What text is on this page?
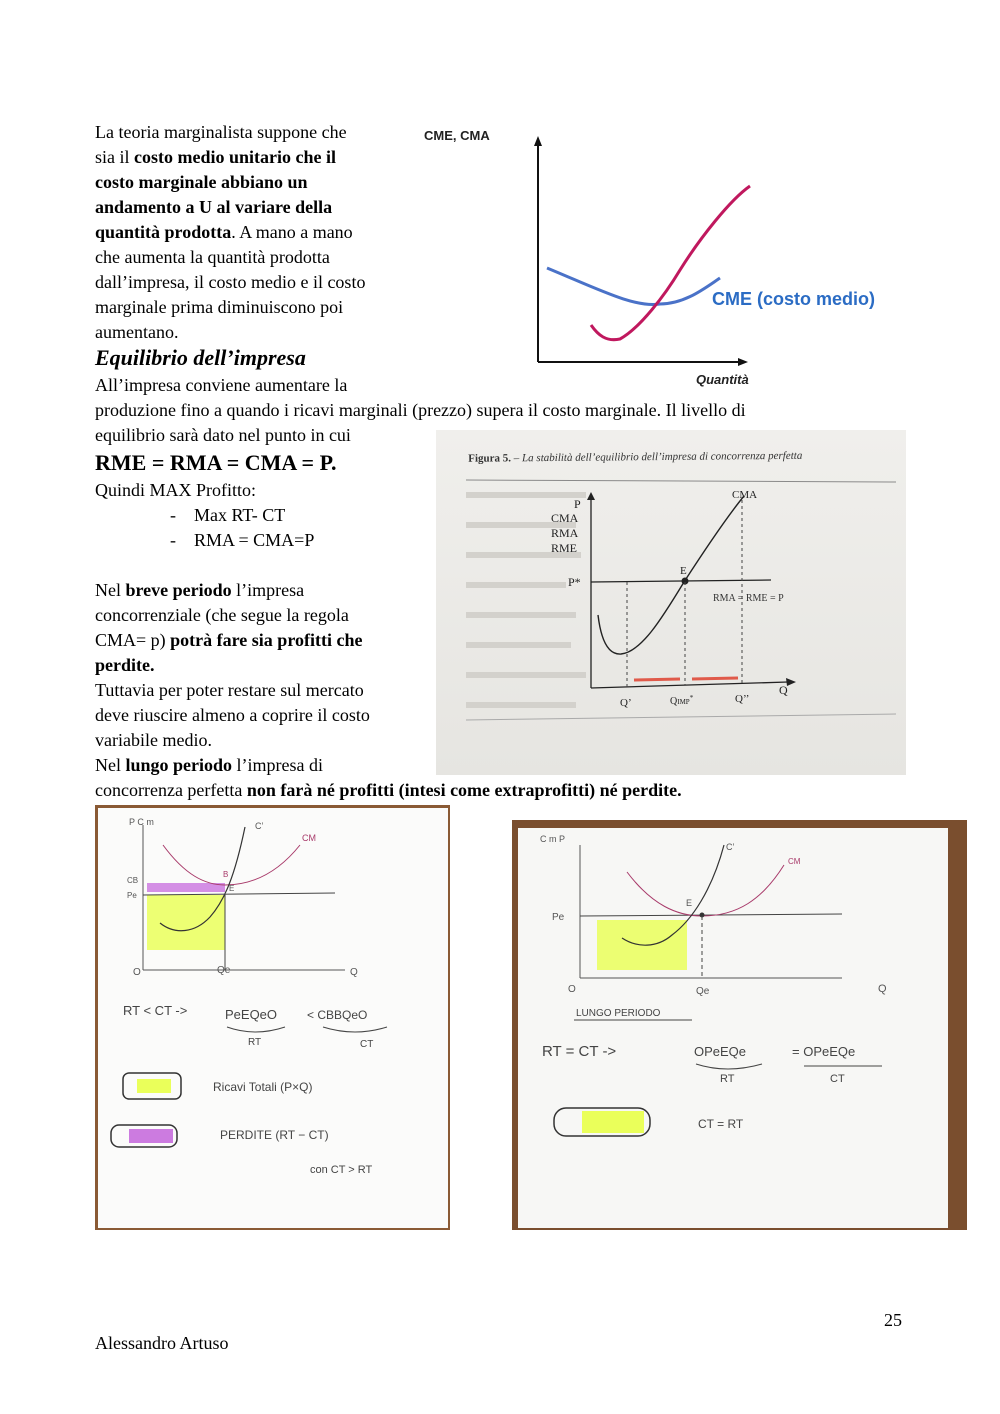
La teoria marginalista suppone che
sia il costo medio unitario che il
costo marginale abbiano un
andamento a U al variare della
quantità prodotta. A mano a mano
che aumenta la quantità prodotta
dall’impresa, il costo medio e il costo
marginale prima diminuiscono poi
aumentano.
Equilibrio dell’impresa
All’impresa conviene aumentare la
produzione fino a quando i ricavi marginali (prezzo) supera il costo marginale. Il livello di
equilibrio sarà dato nel punto in cui
RME = RMA = CMA = P.
Quindi MAX Profitto:
-    Max RT- CT
-    RMA = CMA=P
Nel breve periodo l’impresa
concorrenziale (che segue la regola
CMA= p) potrà fare sia profitti che
perdite.
Tuttavia per poter restare sul mercato
deve riuscire almeno a coprire il costo
variabile medio.
Nel lungo periodo l’impresa di
concorrenza perfetta non farà né profitti (intesi come extraprofitti) né perdite.
CME, CMA
Quantità
CME (costo medio)
Figura 5. – La stabilità dell’equilibrio dell’impresa di concorrenza perfetta
P
CMA
RMA
RME
Q
P*
RMA = RME = P
CMA
E
Q’	QIMP*	Q’’
P C m	C’
CM
CB
Pe
B
E
O	Qe	Q
RT < CT ->	PeEQeO < CBBQeO
RT	CT
Ricavi Totali (P×Q)
PERDITE (RT − CT)
con CT > RT
C m P
C’
CM
E
Pe
O	Qe	Q
LUNGO PERIODO
RT = CT ->	OPeEQe	= OPeEQe
RT	CT
CT = RT
25
Alessandro Artuso
